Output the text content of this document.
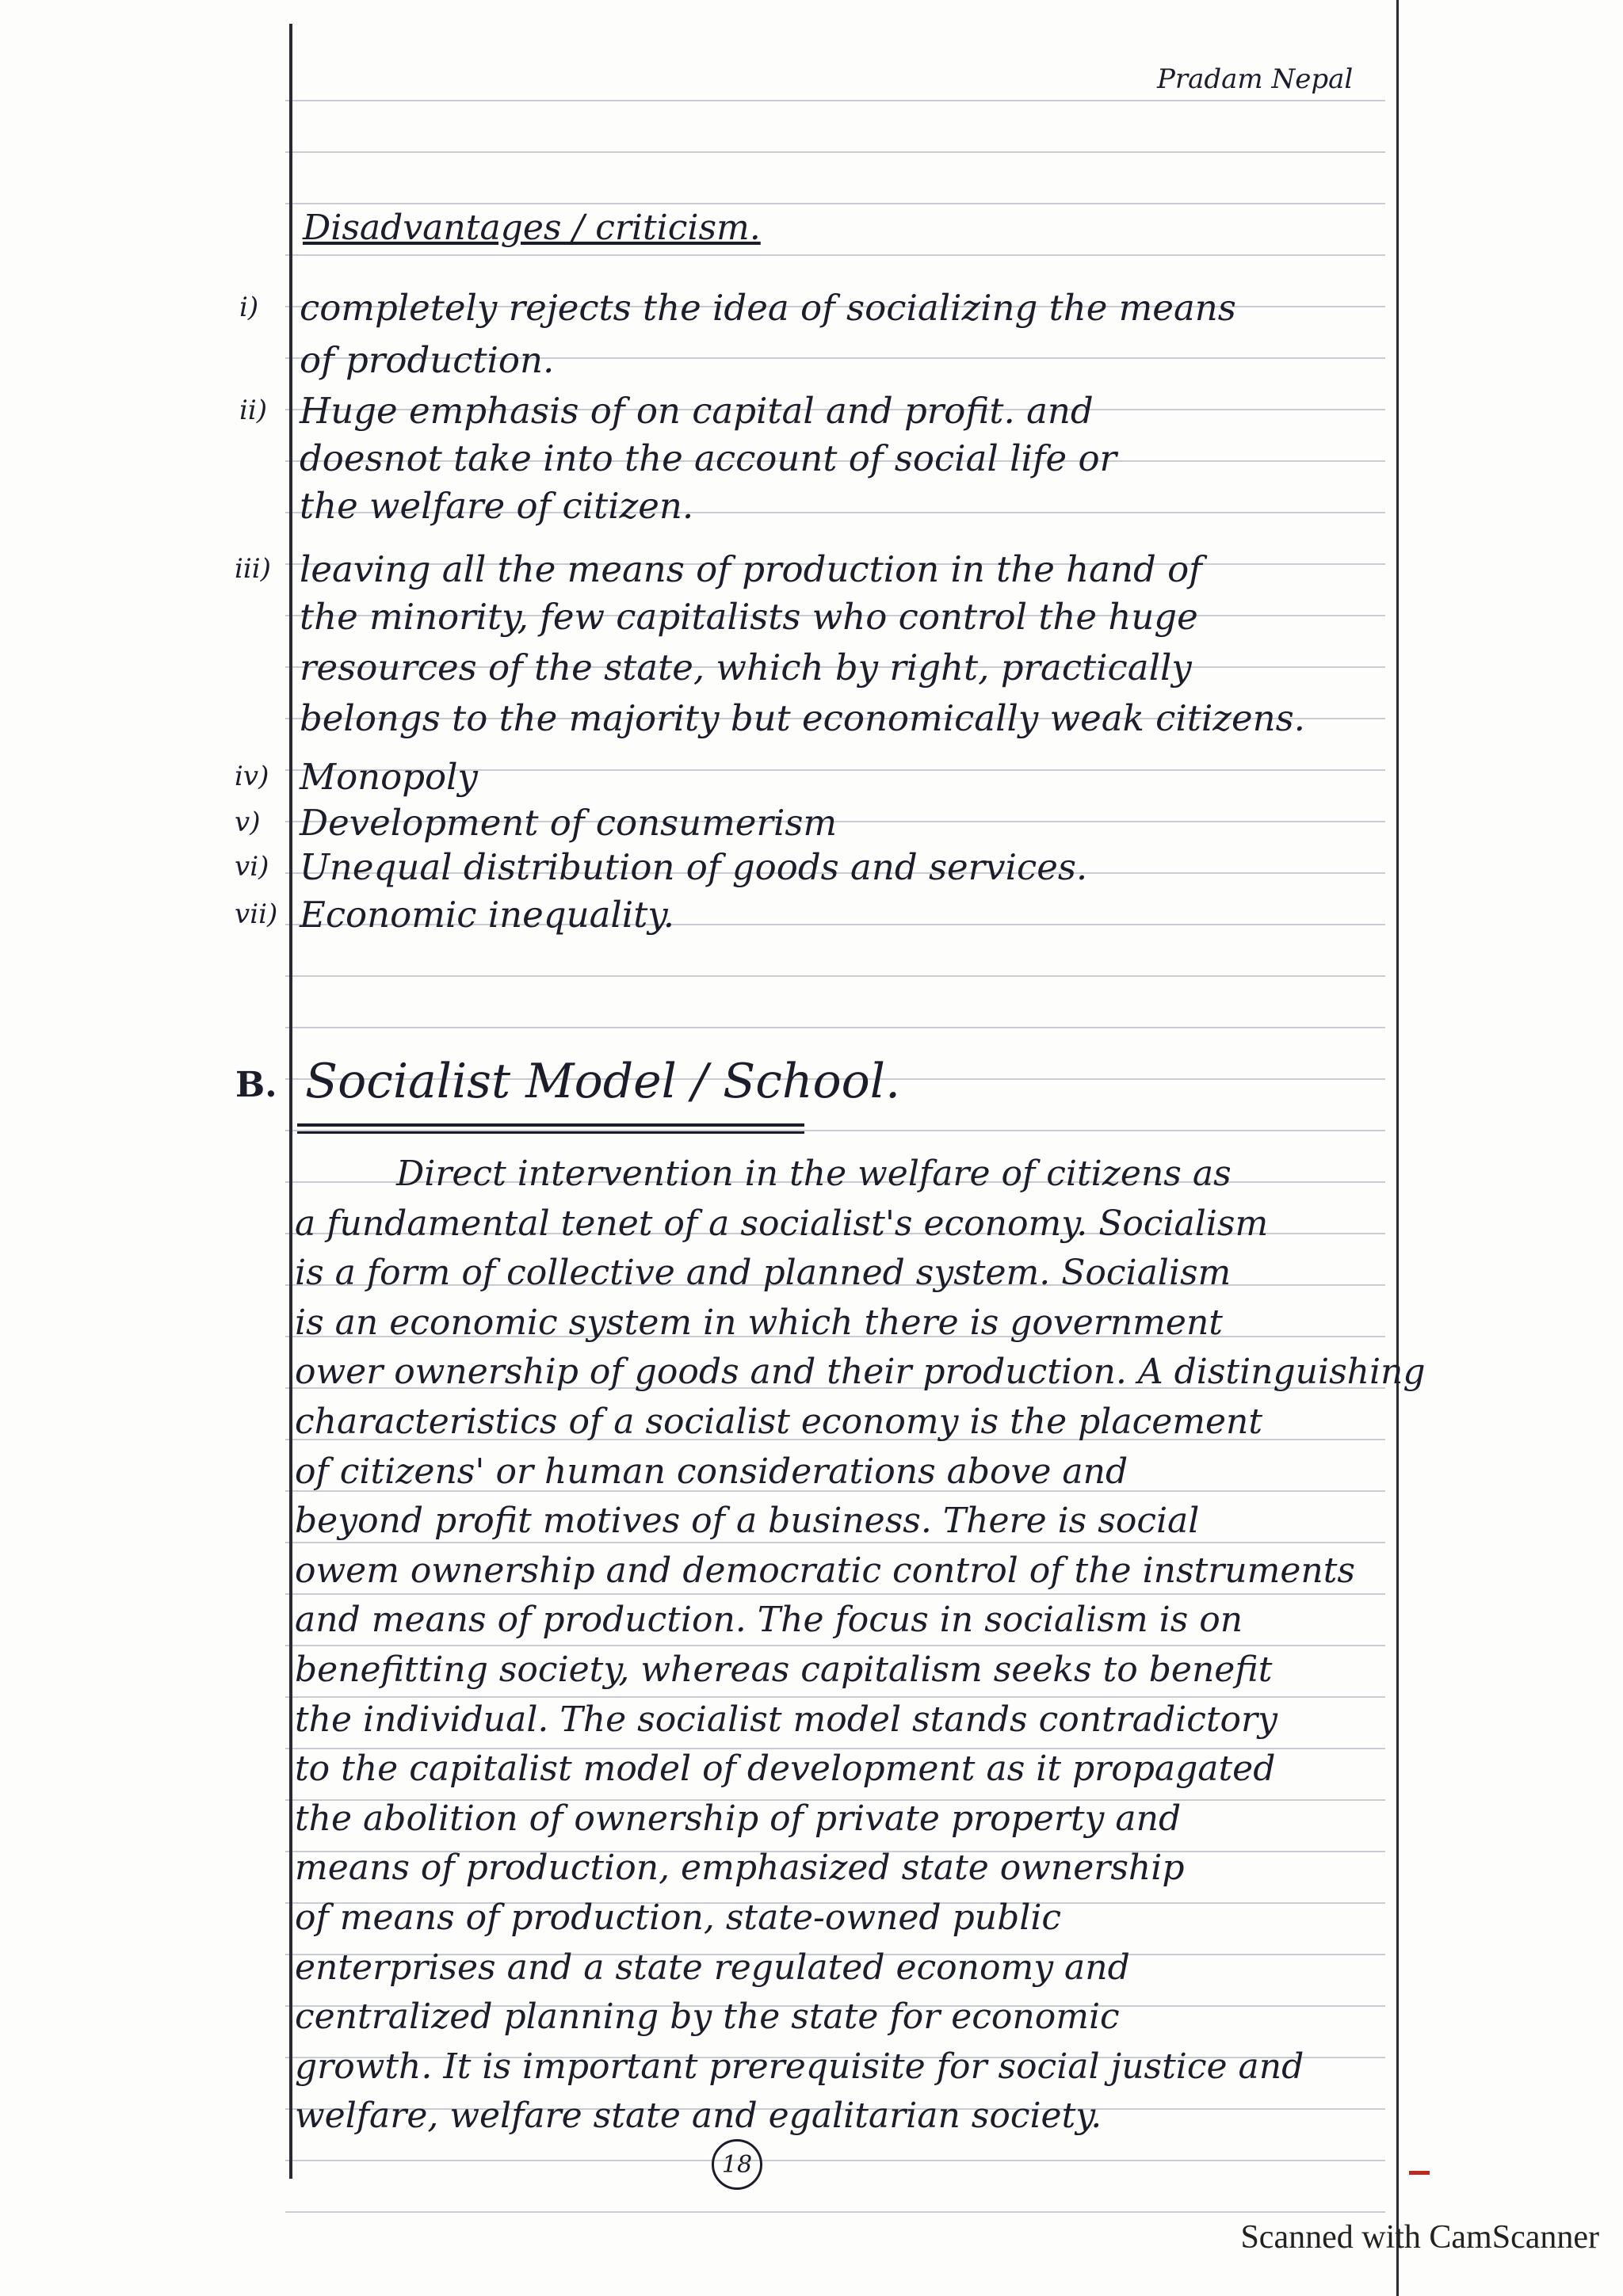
Pradam Nepal
Disadvantages / criticism.
i) completely rejects the idea of socializing the means
of production.
ii) Huge emphasis of on capital and profit. and
doesnot take into the account of social life or
the welfare of citizen.
iii) leaving all the means of production in the hand of
the minority, few capitalists who control the huge
resources of the state, which by right, practically
belongs to the majority but economically weak citizens.
iv) Monopoly
v) Development of consumerism
vi) Unequal distribution of goods and services.
vii) Economic inequality.
B. Socialist Model / School.
Direct intervention in the welfare of citizens as
a fundamental tenet of a socialist's economy. Socialism
is a form of collective and planned system. Socialism
is an economic system in which there is government
ower ownership of goods and their production. A distinguishing
characteristics of a socialist economy is the placement
of citizens' or human considerations above and
beyond profit motives of a business. There is social
owem ownership and democratic control of the instruments
and means of production. The focus in socialism is on
benefitting society, whereas capitalism seeks to benefit
the individual. The socialist model stands contradictory
to the capitalist model of development as it propagated
the abolition of ownership of private property and
means of production, emphasized state ownership
of means of production, state-owned public
enterprises and a state regulated economy and
centralized planning by the state for economic
growth. It is important prerequisite for social justice and
welfare, welfare state and egalitarian society.
18
Scanned with CamScanner
